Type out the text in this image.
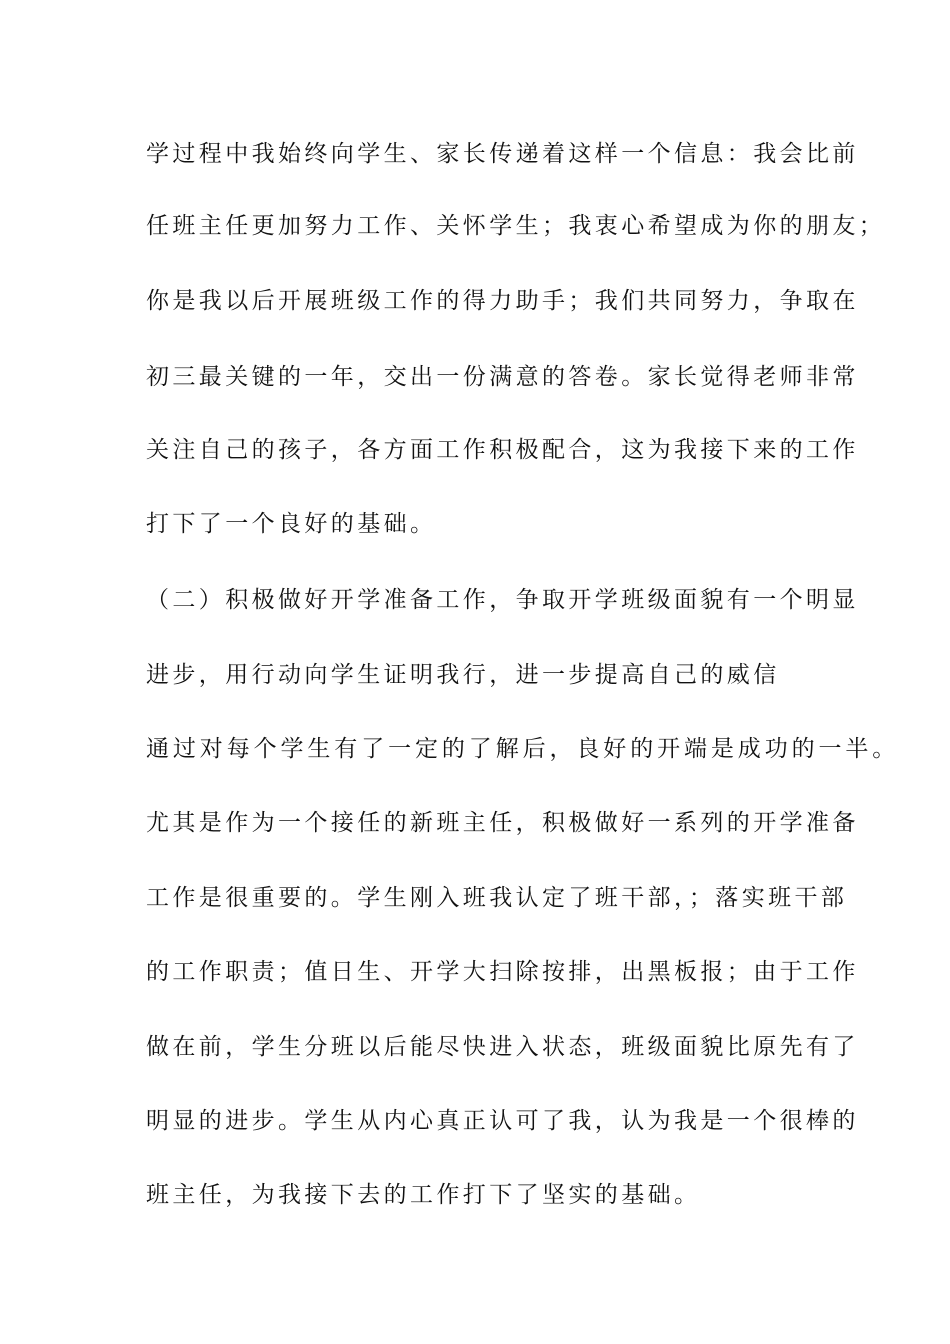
学过程中我始终向学生、家长传递着这样一个信息：我会比前
任班主任更加努力工作、关怀学生；我衷心希望成为你的朋友；
你是我以后开展班级工作的得力助手；我们共同努力，争取在
初三最关键的一年，交出一份满意的答卷。家长觉得老师非常
关注自己的孩子，各方面工作积极配合，这为我接下来的工作
打下了一个良好的基础。
（二）积极做好开学准备工作，争取开学班级面貌有一个明显
进步，用行动向学生证明我行，进一步提高自己的威信
通过对每个学生有了一定的了解后，良好的开端是成功的一半。
尤其是作为一个接任的新班主任，积极做好一系列的开学准备
工作是很重要的。学生刚入班我认定了班干部，；落实班干部
的工作职责；值日生、开学大扫除按排，出黑板报；由于工作
做在前，学生分班以后能尽快进入状态，班级面貌比原先有了
明显的进步。学生从内心真正认可了我，认为我是一个很棒的
班主任，为我接下去的工作打下了坚实的基础。
